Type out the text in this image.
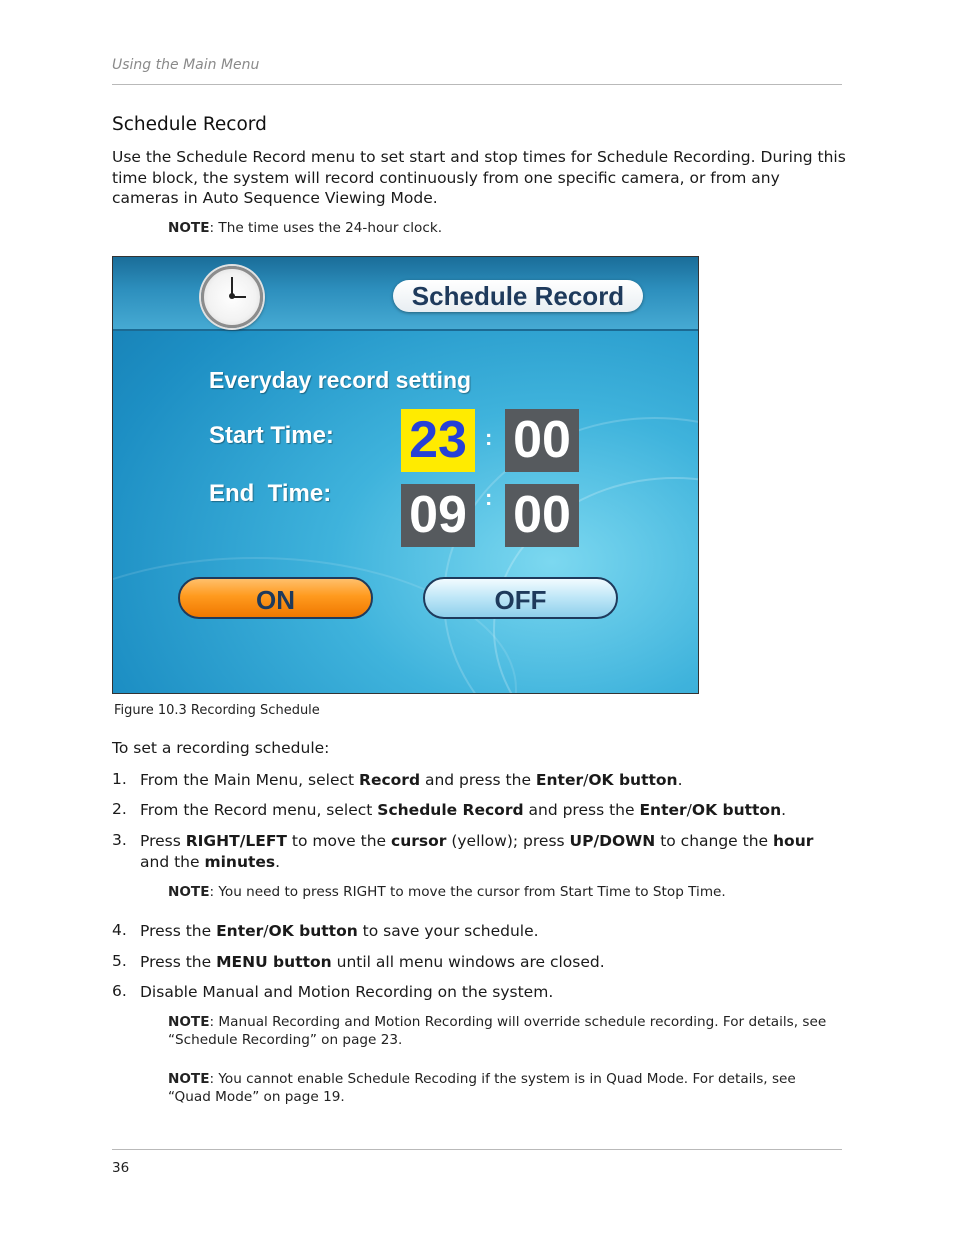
Using the Main Menu
Schedule Record

Use the Schedule Record menu to set start and stop times for Schedule Recording. During this time block, the system will record continuously from one specific camera, or from any cameras in Auto Sequence Viewing Mode.

NOTE: The time uses the 24-hour clock.
Schedule Record
Everyday record setting
Start Time:
End  Time:
23 : 00
09 : 00
ON	OFF
Figure 10.3 Recording Schedule
To set a recording schedule:
1. From the Main Menu, select Record and press the Enter/OK button.
2. From the Record menu, select Schedule Record and press the Enter/OK button.
3. Press RIGHT/LEFT to move the cursor (yellow); press UP/DOWN to change the hour and the minutes.
NOTE: You need to press RIGHT to move the cursor from Start Time to Stop Time.
4. Press the Enter/OK button to save your schedule.
5. Press the MENU button until all menu windows are closed.
6. Disable Manual and Motion Recording on the system.
NOTE: Manual Recording and Motion Recording will override schedule recording. For details, see “Schedule Recording” on page 23.
NOTE: You cannot enable Schedule Recoding if the system is in Quad Mode. For details, see “Quad Mode” on page 19.
36
